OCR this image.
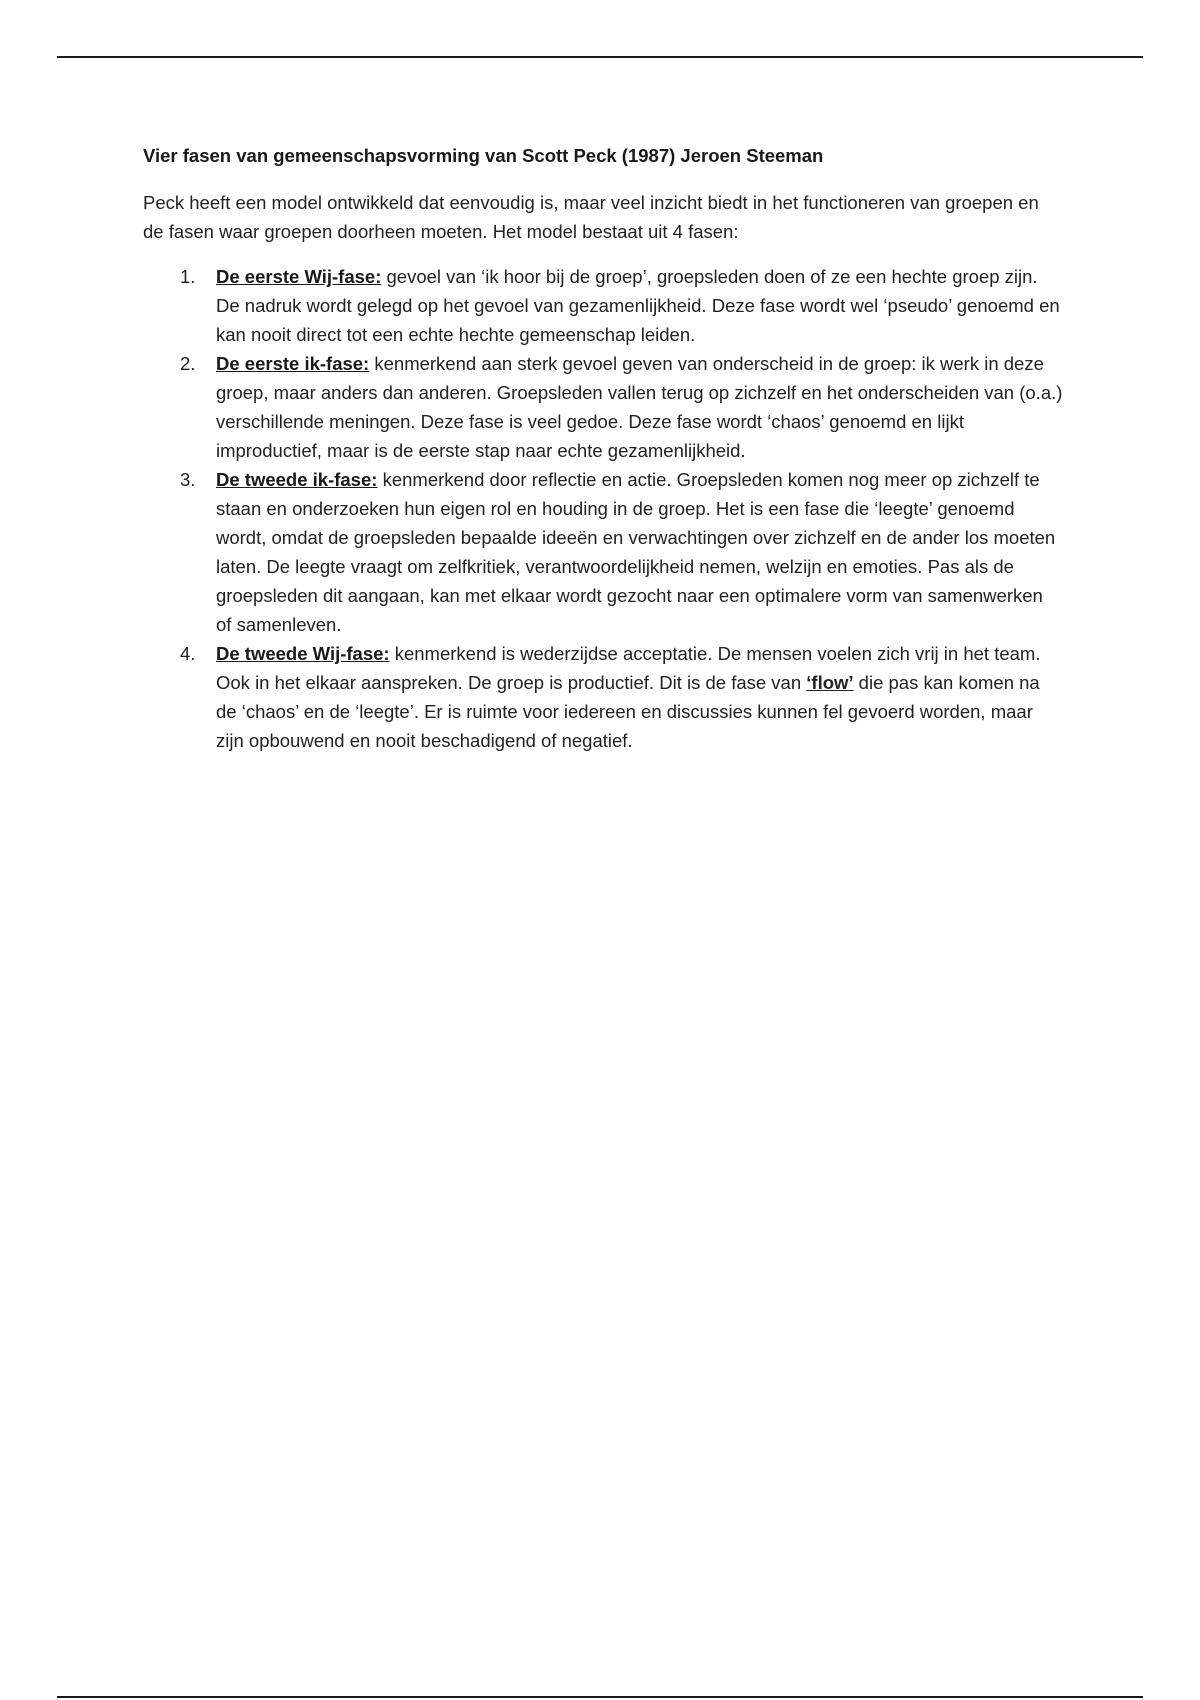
Vier fasen van gemeenschapsvorming van Scott Peck (1987) Jeroen Steeman

Peck heeft een model ontwikkeld dat eenvoudig is, maar veel inzicht biedt in het functioneren van groepen en de fasen waar groepen doorheen moeten. Het model bestaat uit 4 fasen:

1. De eerste Wij-fase: gevoel van ‘ik hoor bij de groep’, groepsleden doen of ze een hechte groep zijn. De nadruk wordt gelegd op het gevoel van gezamenlijkheid. Deze fase wordt wel ‘pseudo’ genoemd en kan nooit direct tot een echte hechte gemeenschap leiden.
2. De eerste ik-fase: kenmerkend aan sterk gevoel geven van onderscheid in de groep: ik werk in deze groep, maar anders dan anderen. Groepsleden vallen terug op zichzelf en het onderscheiden van (o.a.) verschillende meningen. Deze fase is veel gedoe. Deze fase wordt ‘chaos’ genoemd en lijkt improductief, maar is de eerste stap naar echte gezamenlijkheid.
3. De tweede ik-fase: kenmerkend door reflectie en actie. Groepsleden komen nog meer op zichzelf te staan en onderzoeken hun eigen rol en houding in de groep. Het is een fase die ‘leegte’ genoemd wordt, omdat de groepsleden bepaalde ideeën en verwachtingen over zichzelf en de ander los moeten laten. De leegte vraagt om zelfkritiek, verantwoordelijkheid nemen, welzijn en emoties. Pas als de groepsleden dit aangaan, kan met elkaar wordt gezocht naar een optimalere vorm van samenwerken of samenleven.
4. De tweede Wij-fase: kenmerkend is wederzijdse acceptatie. De mensen voelen zich vrij in het team. Ook in het elkaar aanspreken. De groep is productief. Dit is de fase van ‘flow’ die pas kan komen na de ‘chaos’ en de ‘leegte’. Er is ruimte voor iedereen en discussies kunnen fel gevoerd worden, maar zijn opbouwend en nooit beschadigend of negatief.
